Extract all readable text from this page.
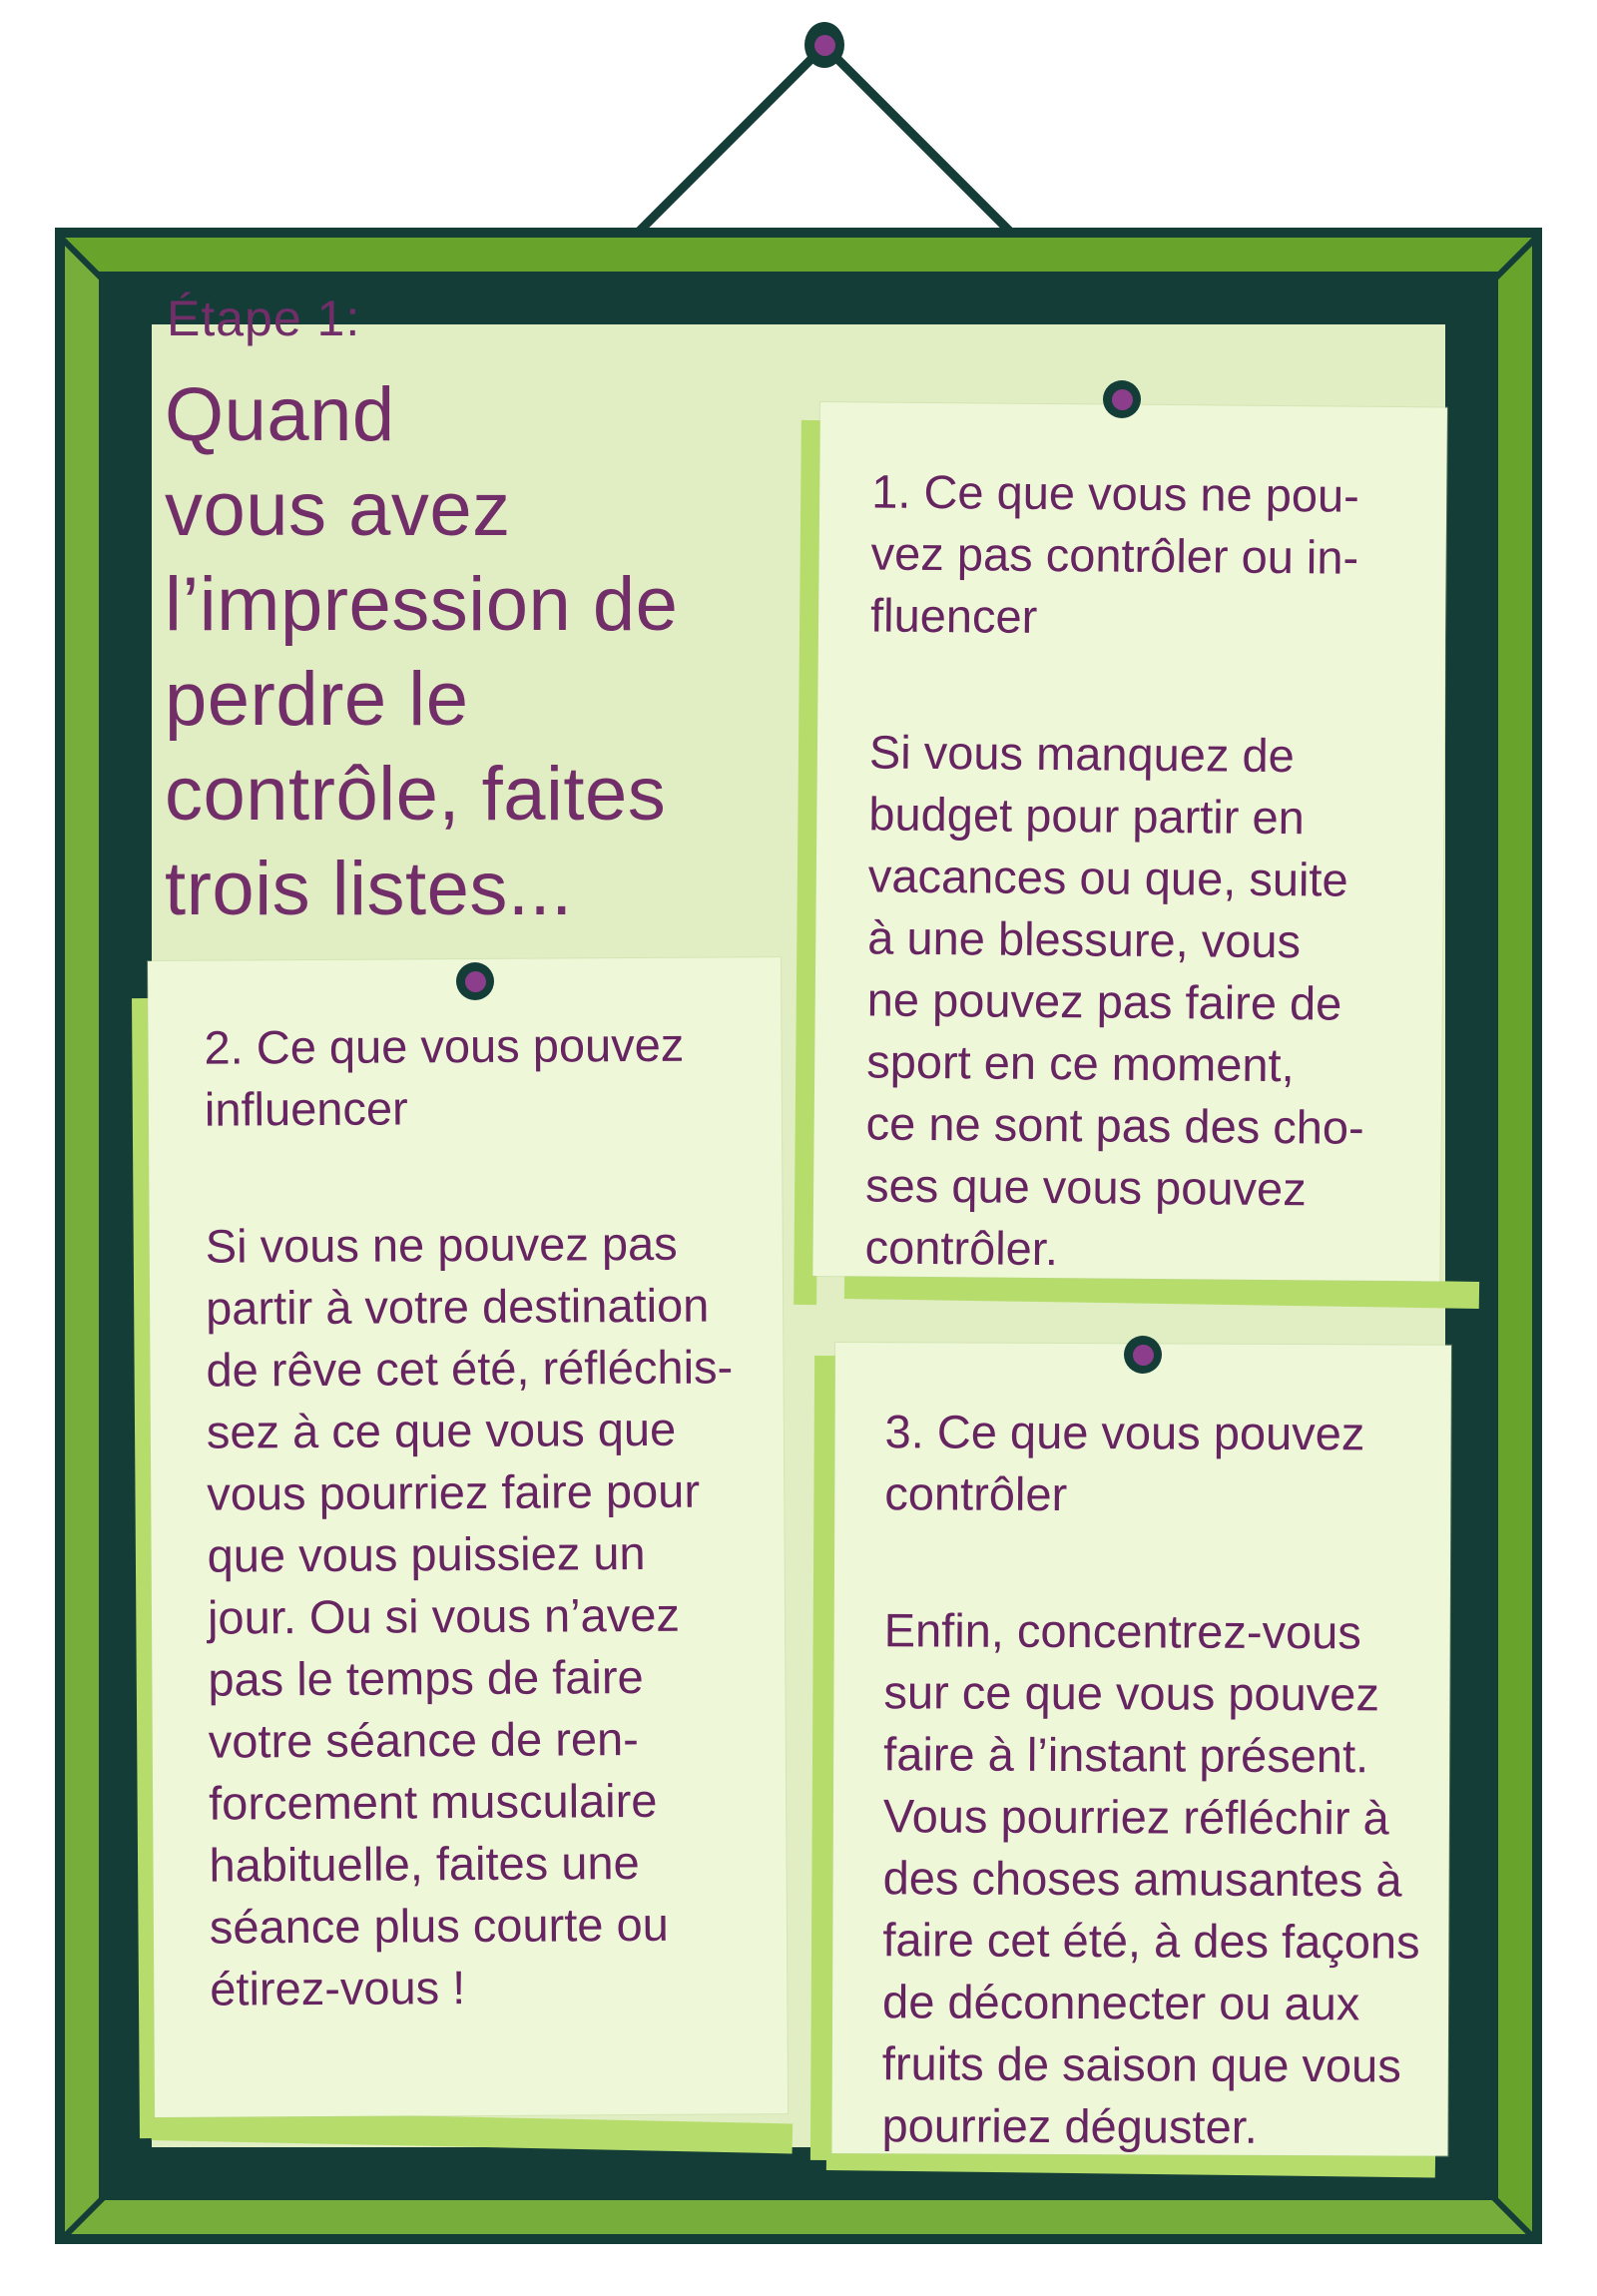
Étape 1:
Quand
vous avez
l’impression de
perdre le
contrôle, faites
trois listes...
1. Ce que vous ne pou-
vez pas contrôler ou in-
fluencer
Si vous manquez de
budget pour partir en
vacances ou que, suite
à une blessure, vous
ne pouvez pas faire de
sport en ce moment,
ce ne sont pas des cho-
ses que vous pouvez
contrôler.
2. Ce que vous pouvez
influencer
Si vous ne pouvez pas
partir à votre destination
de rêve cet été, réfléchis-
sez à ce que vous que
vous pourriez faire pour
que vous puissiez un
jour. Ou si vous n’avez
pas le temps de faire
votre séance de ren-
forcement musculaire
habituelle, faites une
séance plus courte ou
étirez-vous !
3. Ce que vous pouvez
contrôler
Enfin, concentrez-vous
sur ce que vous pouvez
faire à l’instant présent.
Vous pourriez réfléchir à
des choses amusantes à
faire cet été, à des façons
de déconnecter ou aux
fruits de saison que vous
pourriez déguster.
